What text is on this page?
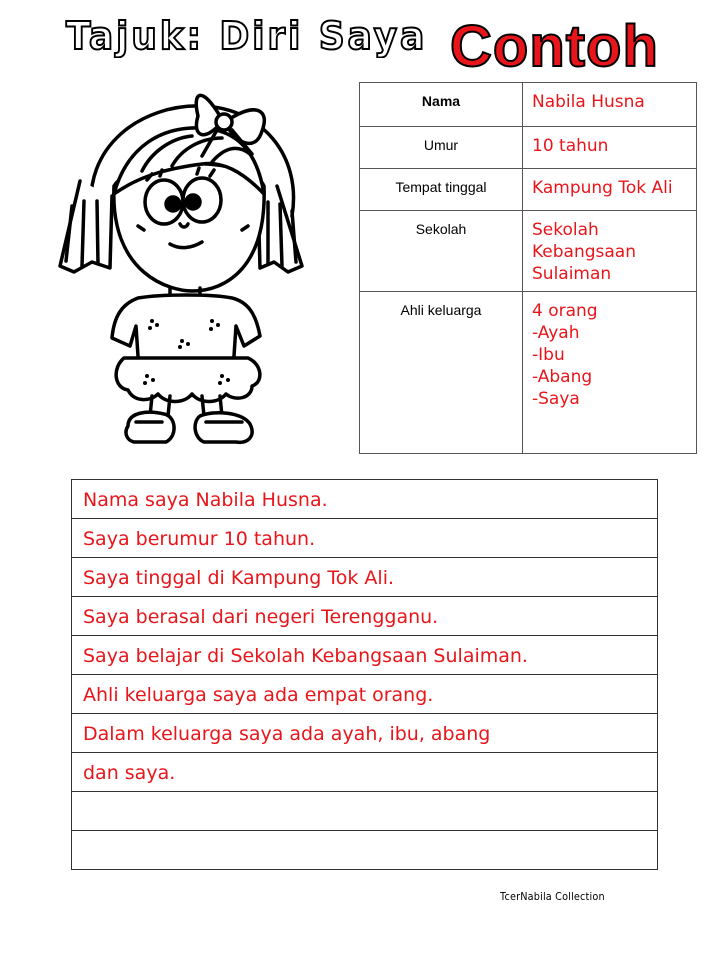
Tajuk: Diri Saya Contoh
Nama	Nabila Husna
Umur	10 tahun
Tempat tinggal	Kampung Tok Ali
Sekolah	Sekolah
Kebangsaan
Sulaiman
Ahli keluarga	4 orang
-Ayah
-Ibu
-Abang
-Saya
Nama saya Nabila Husna.
Saya berumur 10 tahun.
Saya tinggal di Kampung Tok Ali.
Saya berasal dari negeri Terengganu.
Saya belajar di Sekolah Kebangsaan Sulaiman.
Ahli keluarga saya ada empat orang.
Dalam keluarga saya ada ayah, ibu, abang
dan saya.
TcerNabila Collection
